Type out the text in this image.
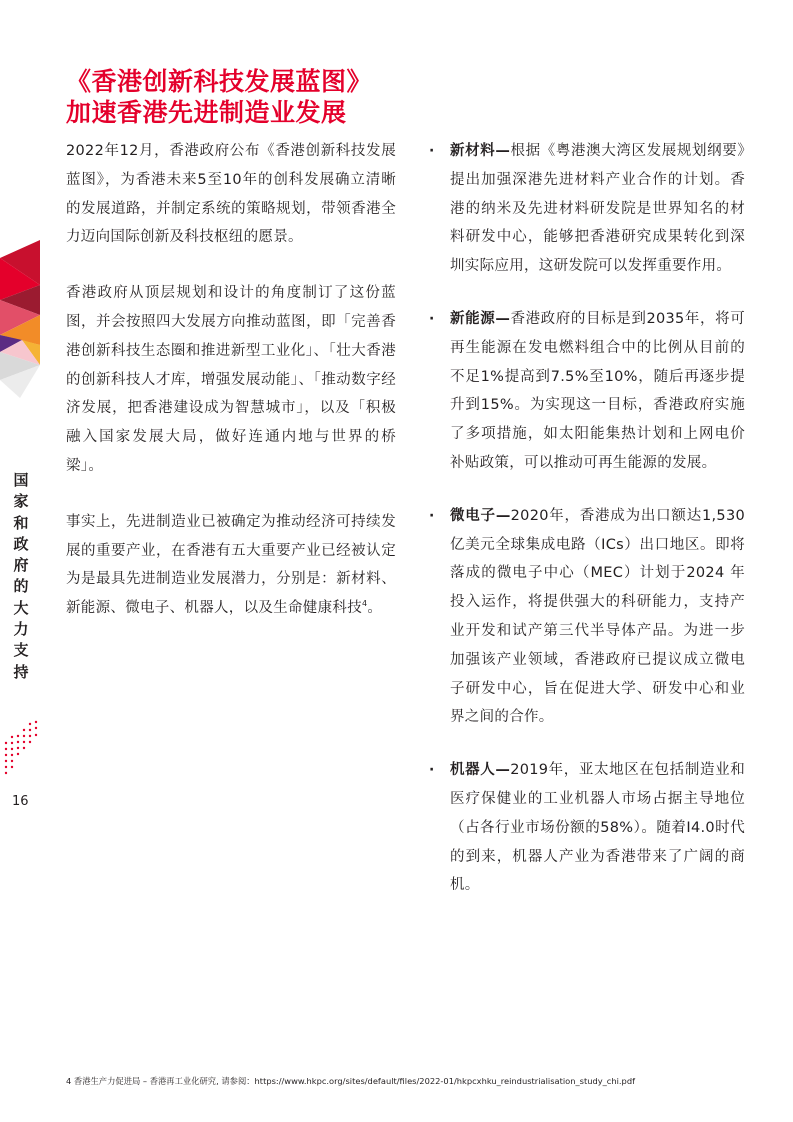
《香港创新科技发展蓝图》
加速香港先进制造业发展
国家和政府的大力支持
16

2022年12月，香港政府公布《香港创新科技发展蓝图》，为香港未来5至10年的创科发展确立清晰的发展道路，并制定系统的策略规划，带领香港全力迈向国际创新及科技枢纽的愿景。

香港政府从顶层规划和设计的角度制订了这份蓝图，并会按照四大发展方向推动蓝图，即「完善香港创新科技生态圈和推进新型工业化」、「壮大香港的创新科技人才库，增强发展动能」、「推动数字经济发展，把香港建设成为智慧城市」，以及「积极融入国家发展大局，做好连通内地与世界的桥梁」。

事实上，先进制造业已被确定为推动经济可持续发展的重要产业，在香港有五大重要产业已经被认定为是最具先进制造业发展潜力，分别是：新材料、新能源、微电子、机器人，以及生命健康科技$^4$。

· 新材料—根据《粤港澳大湾区发展规划纲要》提出加强深港先进材料产业合作的计划。香港的纳米及先进材料研发院是世界知名的材料研发中心，能够把香港研究成果转化到深圳实际应用，这研发院可以发挥重要作用。
· 新能源—香港政府的目标是到2035年，将可再生能源在发电燃料组合中的比例从目前的不足1%提高到7.5%至10%，随后再逐步提升到15%。为实现这一目标，香港政府实施了多项措施，如太阳能集热计划和上网电价补贴政策，可以推动可再生能源的发展。
· 微电子—2020年，香港成为出口额达1,530亿美元全球集成电路（ICs）出口地区。即将落成的微电子中心（MEC）计划于2024 年投入运作，将提供强大的科研能力，支持产业开发和试产第三代半导体产品。为进一步加强该产业领域，香港政府已提议成立微电子研发中心，旨在促进大学、研发中心和业界之间的合作。
· 机器人—2019年，亚太地区在包括制造业和医疗保健业的工业机器人市场占据主导地位（占各行业市场份额的58%）。随着I4.0时代的到来，机器人产业为香港带来了广阔的商机。
4 香港生产力促进局 – 香港再工业化研究, 请参阅：https://www.hkpc.org/sites/default/files/2022-01/hkpcxhku_reindustrialisation_study_chi.pdf
